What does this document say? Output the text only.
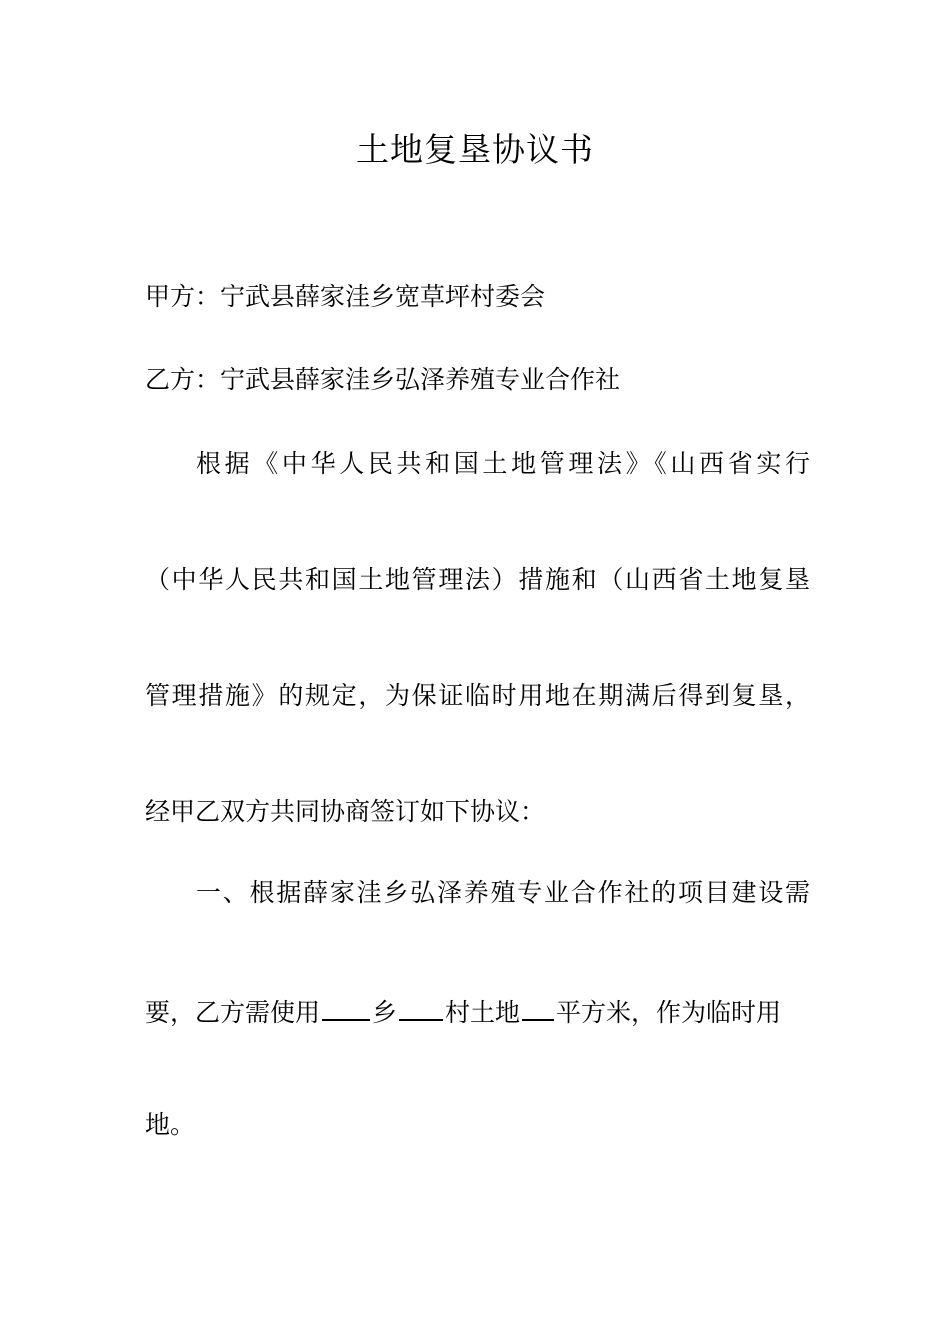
土地复垦协议书
甲方：宁武县薛家洼乡宽草坪村委会
乙方：宁武县薛家洼乡弘泽养殖专业合作社
根据《中华人民共和国土地管理法》《山西省实行
（中华人民共和国土地管理法）措施和（山西省土地复垦
管理措施》的规定，为保证临时用地在期满后得到复垦，
经甲乙双方共同协商签订如下协议：
一、根据薛家洼乡弘泽养殖专业合作社的项目建设需
要，乙方需使用 乡 村土地 平方米，作为临时用
地。
